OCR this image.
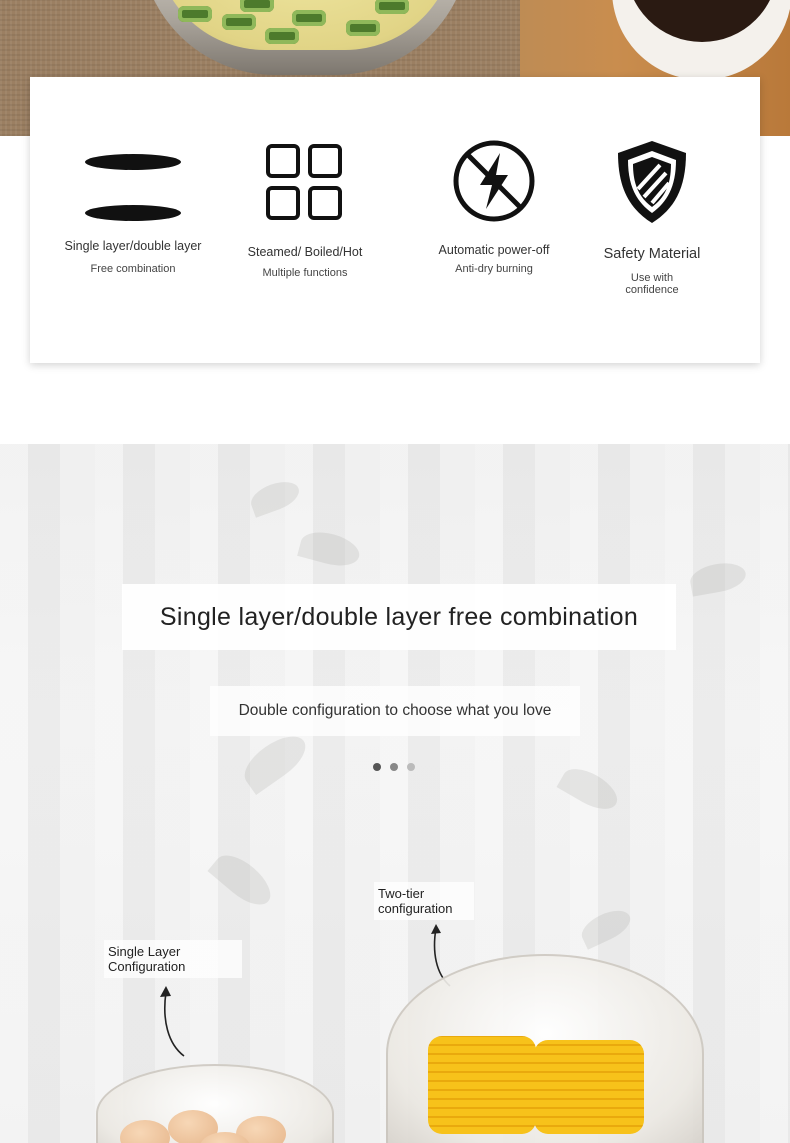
Single layer/double layer
Free combination
Steamed/ Boiled/Hot
Multiple functions
Automatic power-off
Anti-dry burning
Safety Material
Use with confidence
Single layer/double layer free combination
Double configuration to choose what you love
Two-tier configuration
Single Layer Configuration
